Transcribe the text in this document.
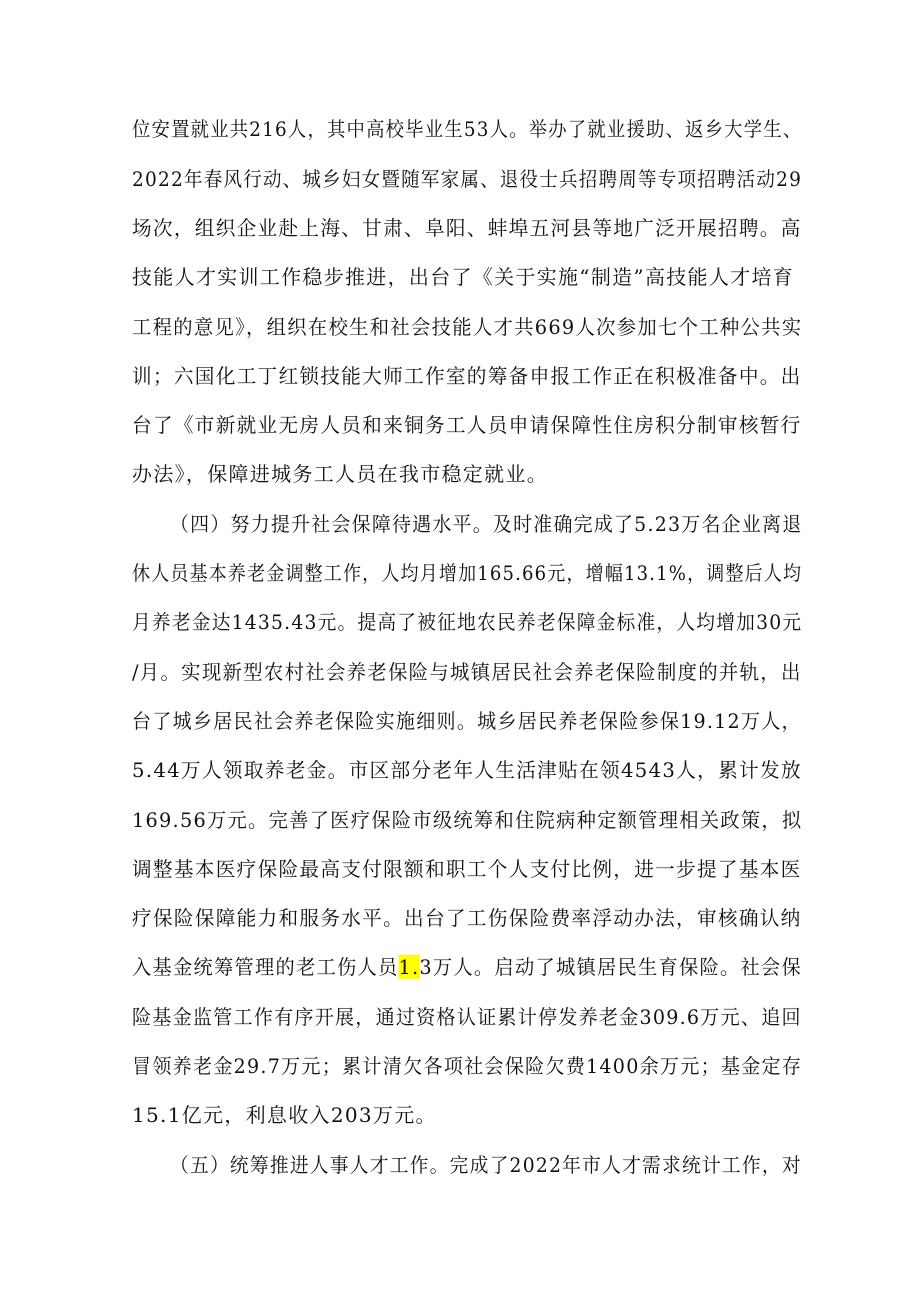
位安置就业共216人，其中高校毕业生53人。举办了就业援助、返乡大学生、
2022年春风行动、城乡妇女暨随军家属、退役士兵招聘周等专项招聘活动29
场次，组织企业赴上海、甘肃、阜阳、蚌埠五河县等地广泛开展招聘。高
技能人才实训工作稳步推进，出台了《关于实施“制造”高技能人才培育
工程的意见》，组织在校生和社会技能人才共669人次参加七个工种公共实
训；六国化工丁红锁技能大师工作室的筹备申报工作正在积极准备中。出
台了《市新就业无房人员和来铜务工人员申请保障性住房积分制审核暂行
办法》，保障进城务工人员在我市稳定就业。
（四）努力提升社会保障待遇水平。及时准确完成了5.23万名企业离退
休人员基本养老金调整工作，人均月增加165.66元，增幅13.1%，调整后人均
月养老金达1435.43元。提高了被征地农民养老保障金标准，人均增加30元
/月。实现新型农村社会养老保险与城镇居民社会养老保险制度的并轨，出
台了城乡居民社会养老保险实施细则。城乡居民养老保险参保19.12万人，
5.44万人领取养老金。市区部分老年人生活津贴在领4543人，累计发放
169.56万元。完善了医疗保险市级统筹和住院病种定额管理相关政策，拟
调整基本医疗保险最高支付限额和职工个人支付比例，进一步提了基本医
疗保险保障能力和服务水平。出台了工伤保险费率浮动办法，审核确认纳
入基金统筹管理的老工伤人员1.3万人。启动了城镇居民生育保险。社会保
险基金监管工作有序开展，通过资格认证累计停发养老金309.6万元、追回
冒领养老金29.7万元；累计清欠各项社会保险欠费1400余万元；基金定存
15.1亿元，利息收入203万元。
（五）统筹推进人事人才工作。完成了2022年市人才需求统计工作，对
